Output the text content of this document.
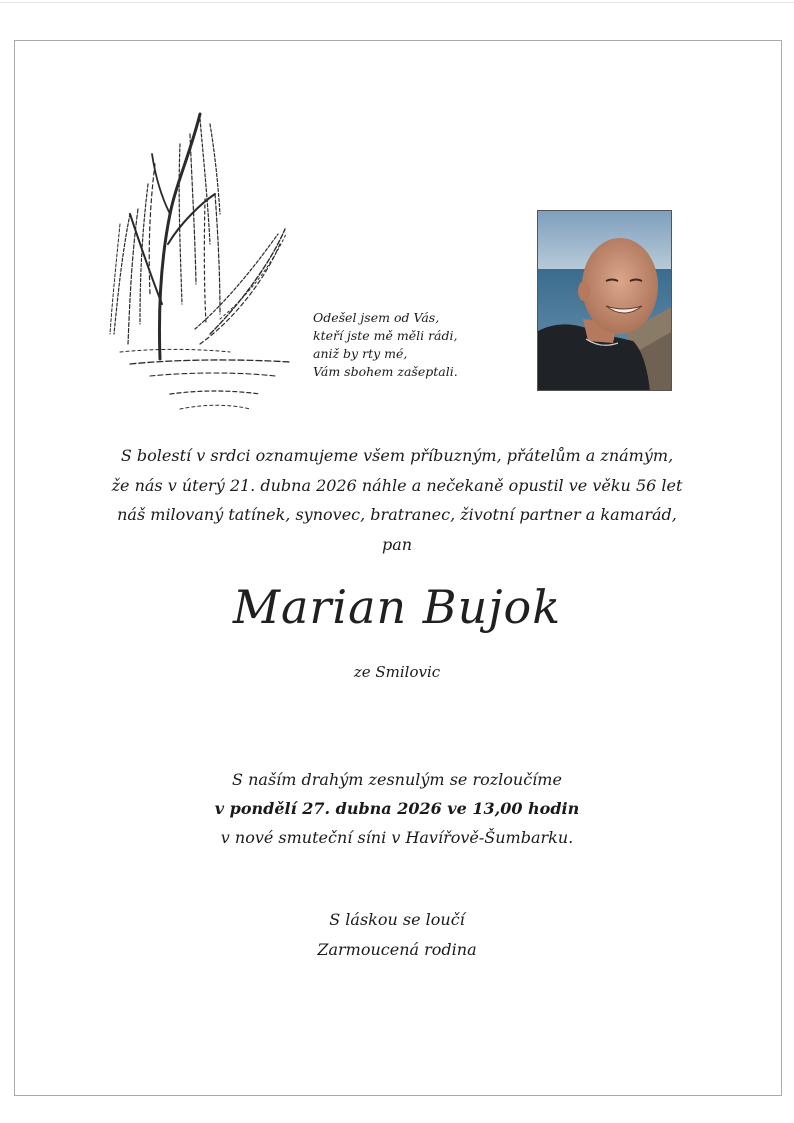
Odešel jsem od Vás,
kteří jste mě měli rádi,
aniž by rty mé,
Vám sbohem zašeptali.
S bolestí v srdci oznamujeme všem příbuzným, přátelům a známým,
že nás v úterý 21. dubna 2026 náhle a nečekaně opustil ve věku 56 let
náš milovaný tatínek, synovec, bratranec, životní partner a kamarád,
pan
Marian Bujok
ze Smilovic
S naším drahým zesnulým se rozloučíme
v pondělí 27. dubna 2026 ve 13,00 hodin
v nové smuteční síni v Havířově-Šumbarku.
S láskou se loučí
Zarmoucená rodina
